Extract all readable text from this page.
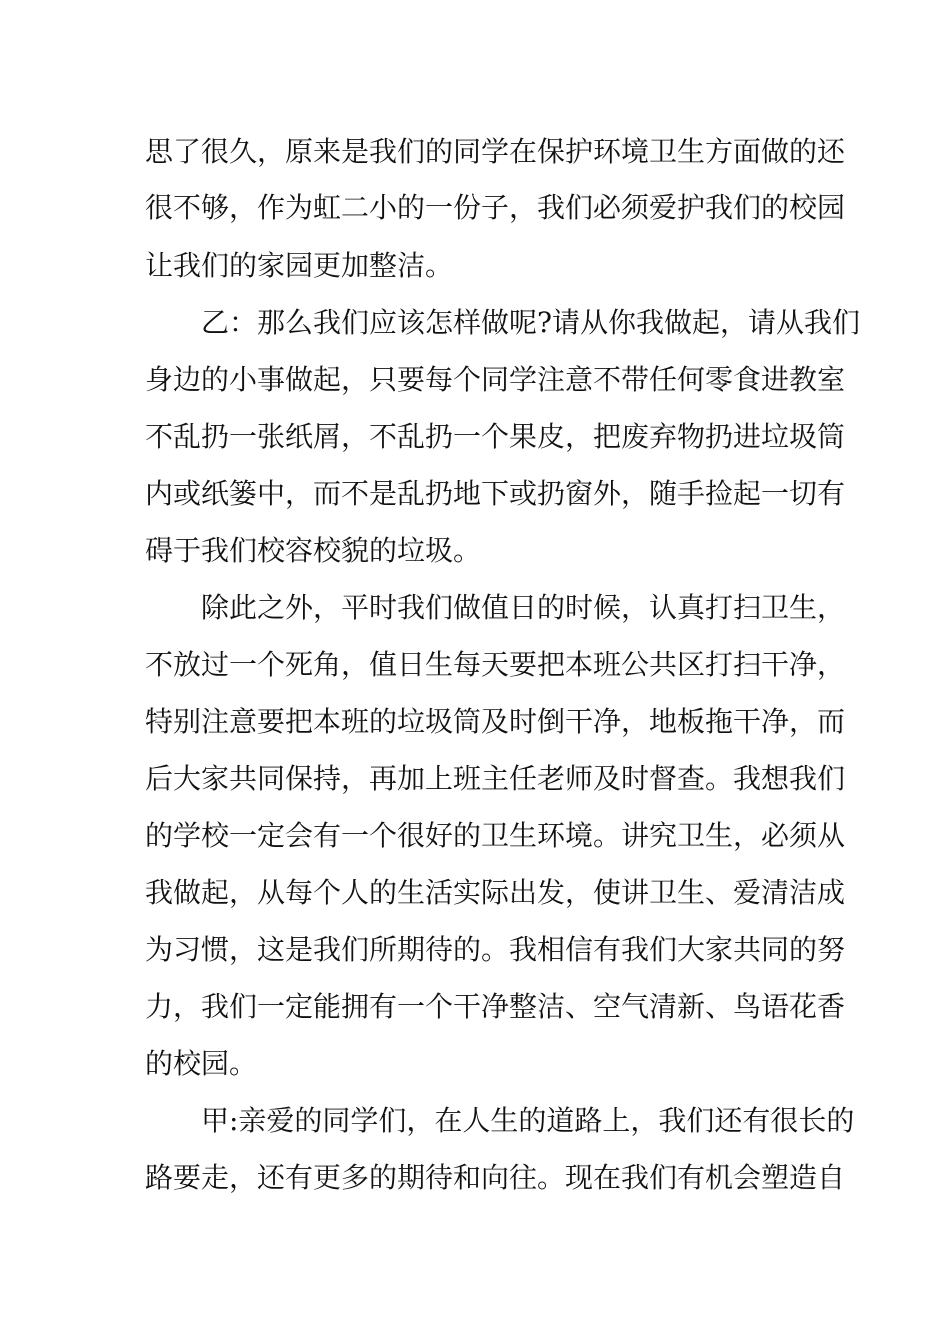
思了很久，原来是我们的同学在保护环境卫生方面做的还
很不够，作为虹二小的一份子，我们必须爱护我们的校园
让我们的家园更加整洁。
乙：那么我们应该怎样做呢?请从你我做起，请从我们
身边的小事做起，只要每个同学注意不带任何零食进教室
不乱扔一张纸屑，不乱扔一个果皮，把废弃物扔进垃圾筒
内或纸篓中，而不是乱扔地下或扔窗外，随手捡起一切有
碍于我们校容校貌的垃圾。
除此之外，平时我们做值日的时候，认真打扫卫生，
不放过一个死角，值日生每天要把本班公共区打扫干净，
特别注意要把本班的垃圾筒及时倒干净，地板拖干净，而
后大家共同保持，再加上班主任老师及时督查。我想我们
的学校一定会有一个很好的卫生环境。讲究卫生，必须从
我做起，从每个人的生活实际出发，使讲卫生、爱清洁成
为习惯，这是我们所期待的。我相信有我们大家共同的努
力，我们一定能拥有一个干净整洁、空气清新、鸟语花香
的校园。
甲:亲爱的同学们，在人生的道路上，我们还有很长的
路要走，还有更多的期待和向往。现在我们有机会塑造自
